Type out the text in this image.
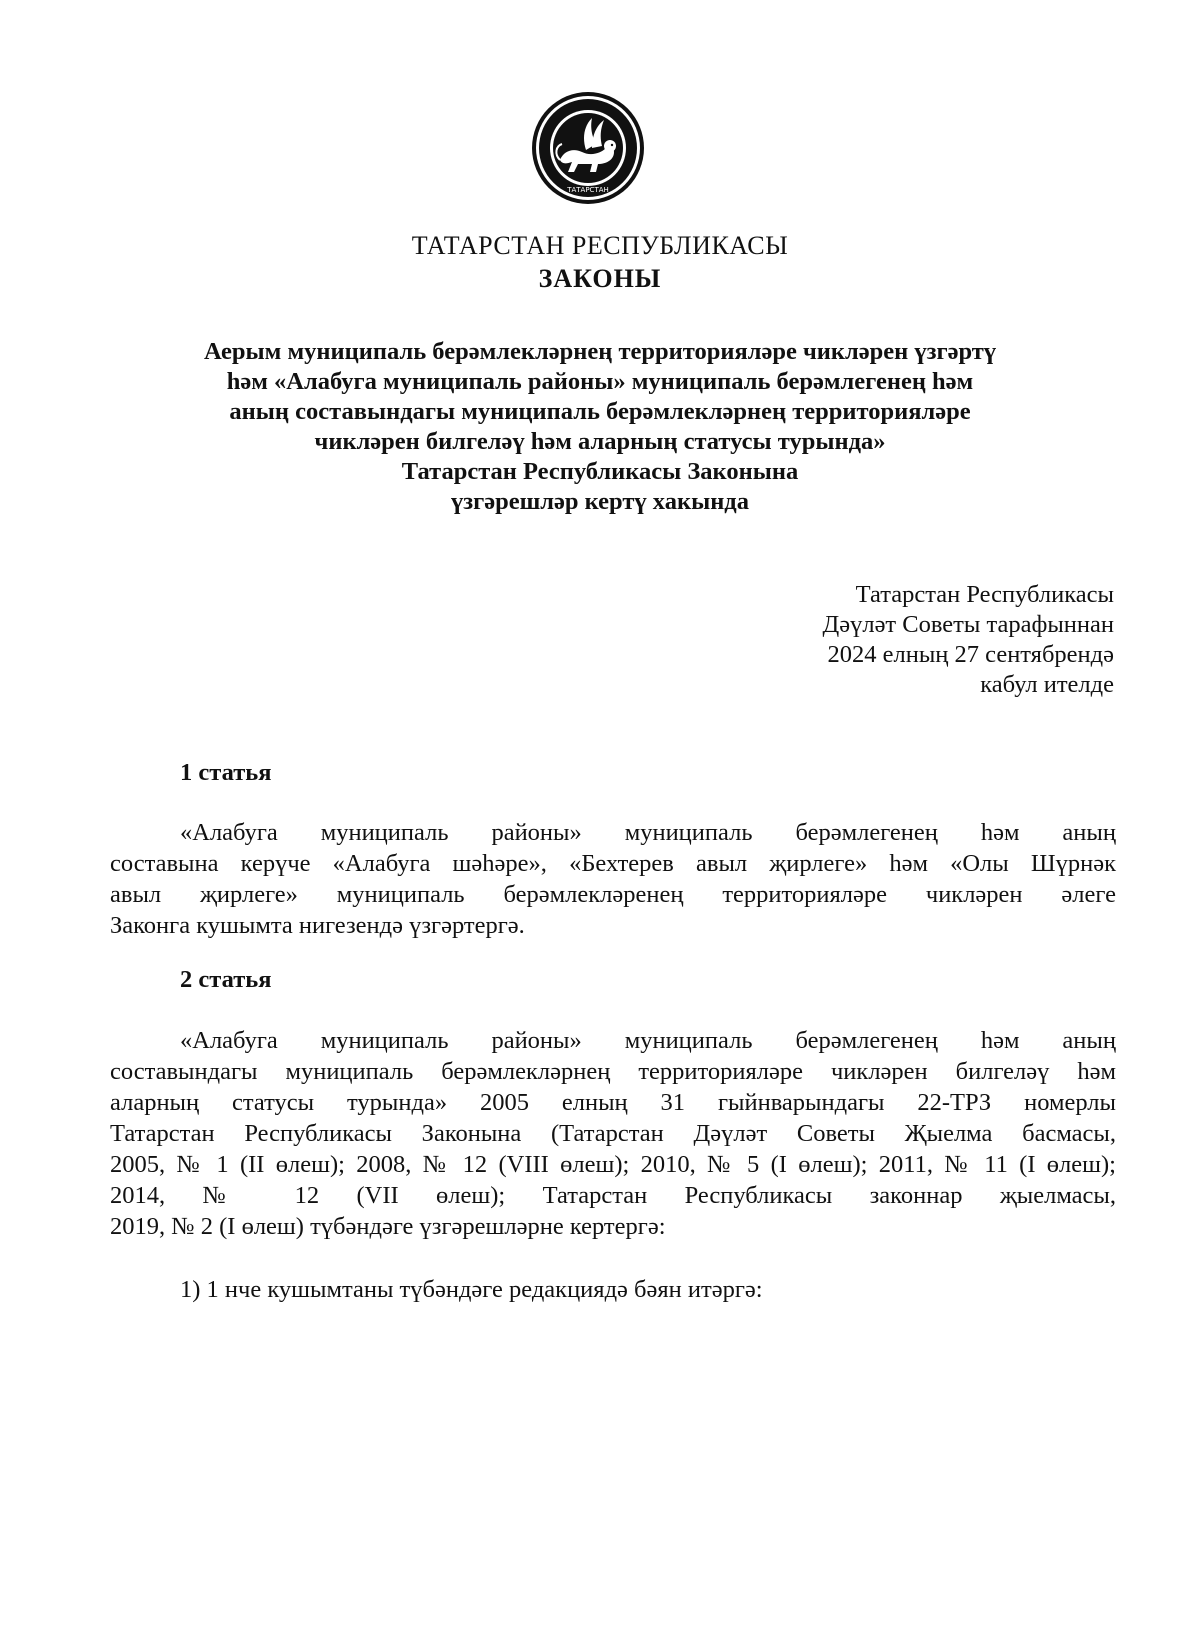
ТАТАРСТАН
ТАТАРСТАН РЕСПУБЛИКАСЫ
ЗАКОНЫ
Аерым муниципаль берәмлекләрнең территорияләре чикләрен үзгәртү
һәм «Алабуга муниципаль районы» муниципаль берәмлегенең һәм
аның составындагы муниципаль берәмлекләрнең территорияләре
чикләрен билгеләү һәм аларның статусы турында»
Татарстан Республикасы Законына
үзгәрешләр кертү хакында
Татарстан Республикасы
Дәүләт Советы тарафыннан
2024 елның 27 сентябрендә
кабул ителде
1 статья
«Алабуга муниципаль районы» муниципаль берәмлегенең һәм аның
составына керүче «Алабуга шәһәре», «Бехтерев авыл җирлеге» һәм «Олы Шүрнәк
авыл җирлеге» муниципаль берәмлекләренең территорияләре чикләрен әлеге
Законга кушымта нигезендә үзгәртергә.
2 статья
«Алабуга муниципаль районы» муниципаль берәмлегенең һәм аның
составындагы муниципаль берәмлекләрнең территорияләре чикләрен билгеләү һәм
аларның статусы турында» 2005 елның 31 гыйнварындагы 22-ТРЗ номерлы
Татарстан Республикасы Законына (Татарстан Дәүләт Советы Җыелма басмасы,
2005, № 1 (II өлеш); 2008, № 12 (VIII өлеш); 2010, № 5 (I өлеш); 2011, № 11 (I өлеш);
2014, № 12 (VII өлеш); Татарстан Республикасы законнар җыелмасы,
2019, № 2 (I өлеш) түбәндәге үзгәрешләрне кертергә:
1) 1 нче кушымтаны түбәндәге редакциядә бәян итәргә:
